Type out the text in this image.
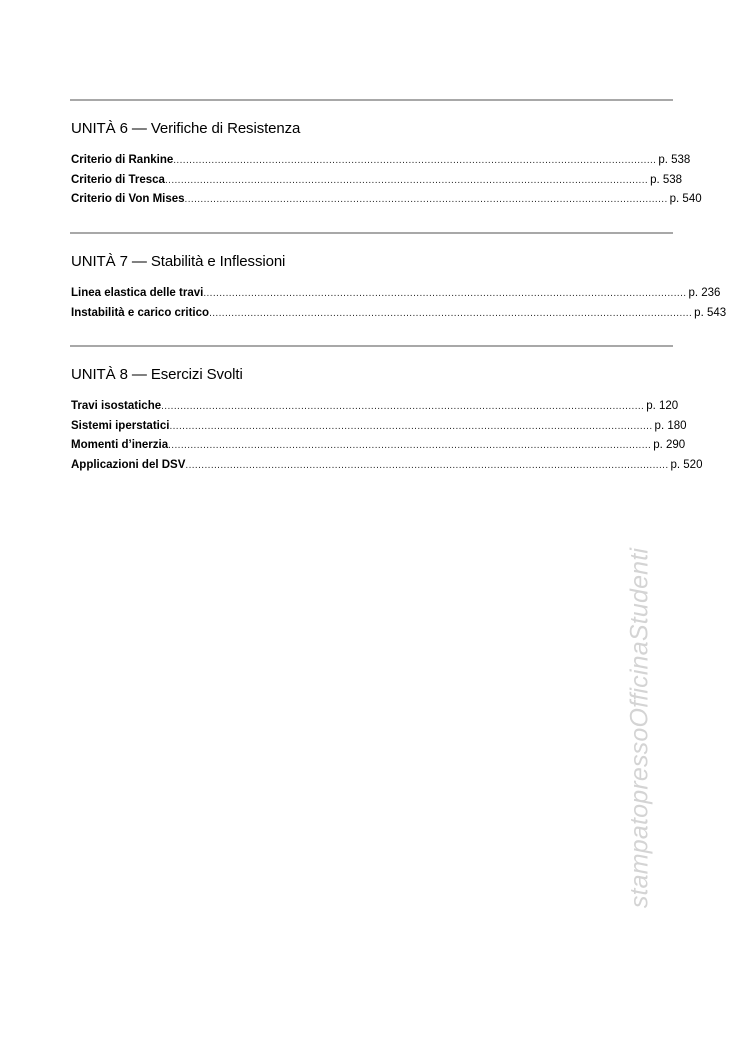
UNITÀ 6 — Verifiche di Resistenza
Criterio di Rankine ........................................................................................................................................................ p. 538
Criterio di Tresca ........................................................................................................................................................ p. 538
Criterio di Von Mises ........................................................................................................................................................ p. 540
UNITÀ 7 — Stabilità e Inflessioni
Linea elastica delle travi ........................................................................................................................................................ p. 236
Instabilità e carico critico ........................................................................................................................................................ p. 543
UNITÀ 8 — Esercizi Svolti
Travi isostatiche ........................................................................................................................................................ p. 120
Sistemi iperstatici ........................................................................................................................................................ p. 180
Momenti d’inerzia ........................................................................................................................................................ p. 290
Applicazioni del DSV ........................................................................................................................................................ p. 520
stampatopressoOfficinaStudenti
